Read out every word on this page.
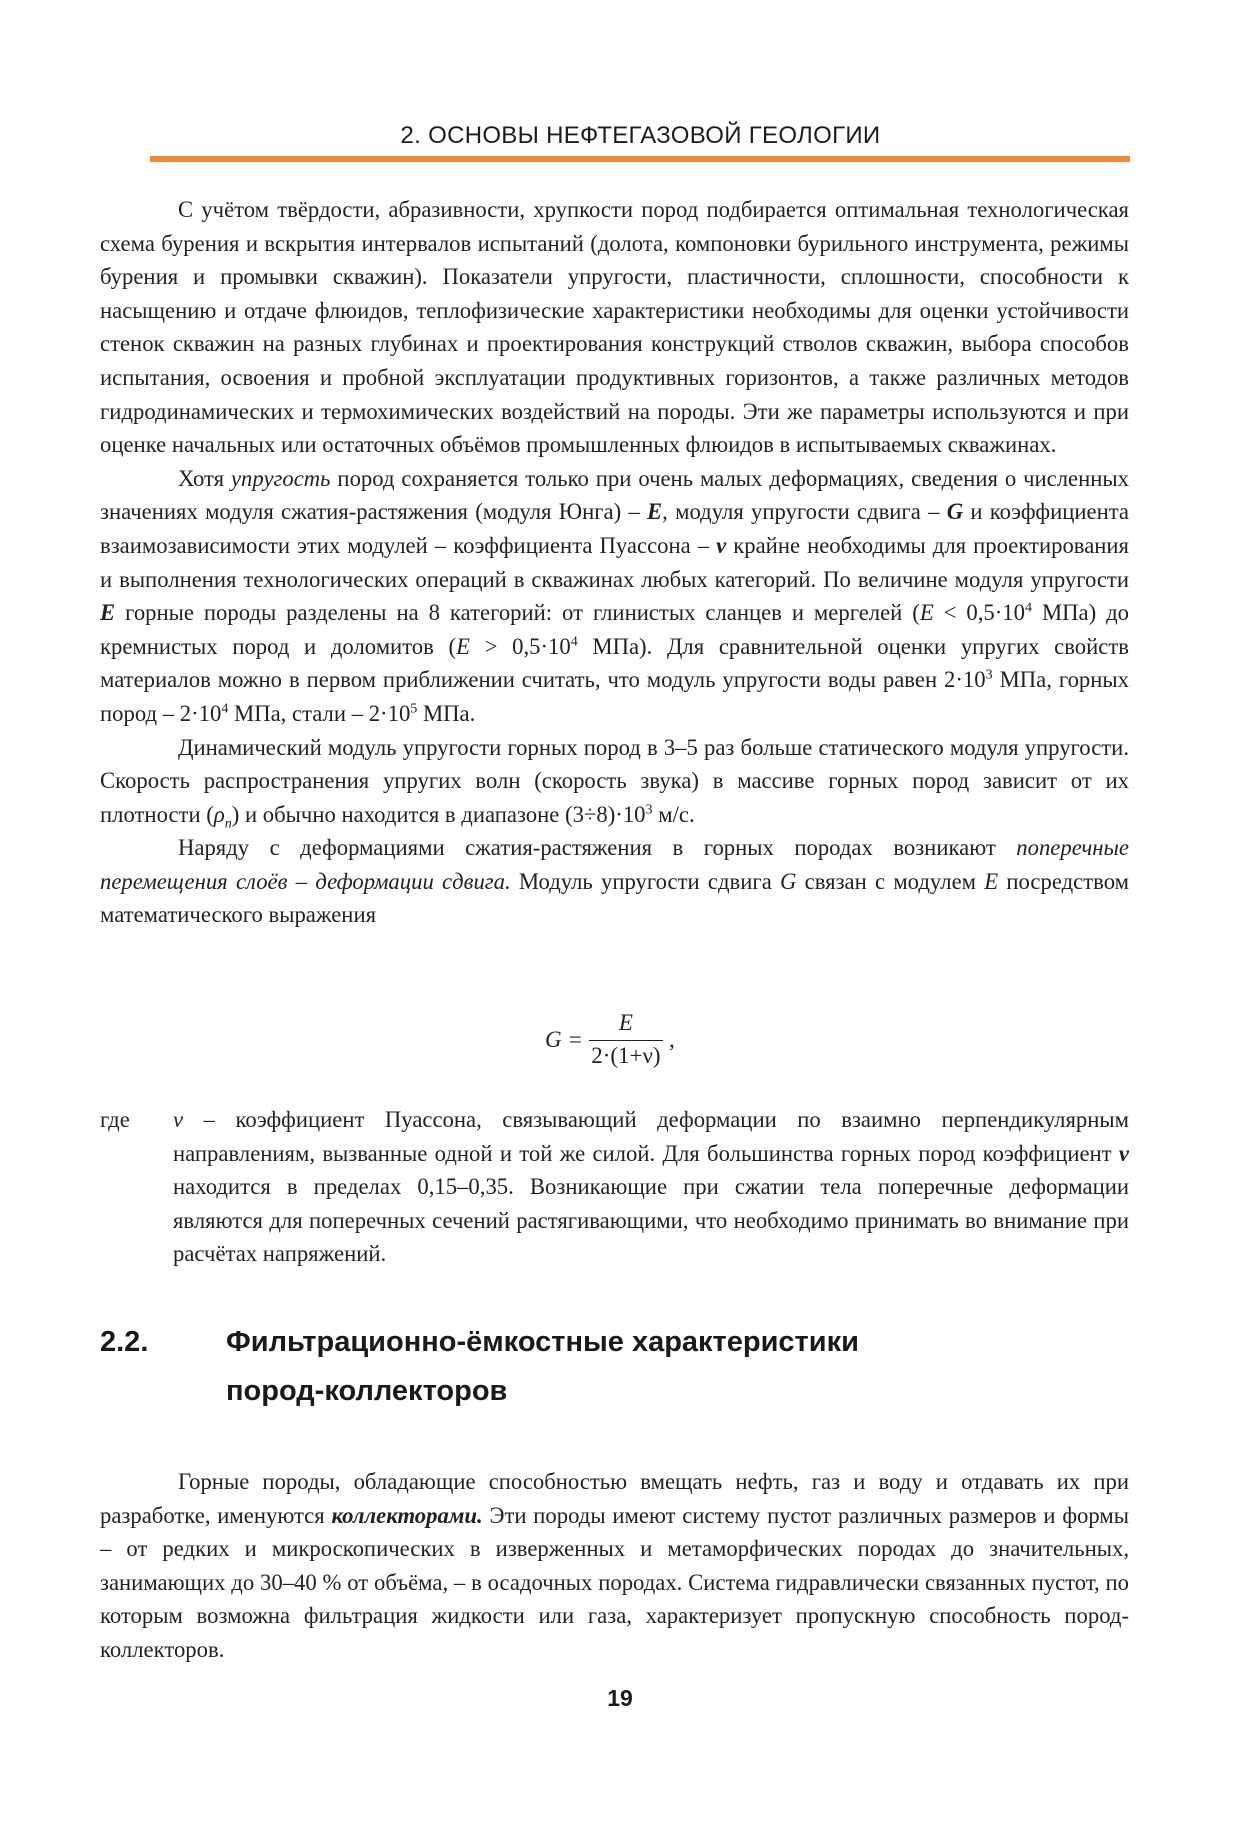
2. ОСНОВЫ НЕФТЕГАЗОВОЙ ГЕОЛОГИИ

С учётом твёрдости, абразивности, хрупкости пород подбирается оптимальная технологическая схема бурения и вскрытия интервалов испытаний (долота, компоновки бурильного инструмента, режимы бурения и промывки скважин). Показатели упругости, пластичности, сплошности, способности к насыщению и отдаче флюидов, теплофизические характеристики необходимы для оценки устойчивости стенок скважин на разных глубинах и проектирования конструкций стволов скважин, выбора способов испытания, освоения и пробной эксплуатации продуктивных горизонтов, а также различных методов гидродинамических и термохимических воздействий на породы. Эти же параметры используются и при оценке начальных или остаточных объёмов промышленных флюидов в испытываемых скважинах.

Хотя упругость пород сохраняется только при очень малых деформациях, сведения о численных значениях модуля сжатия-растяжения (модуля Юнга) – E, модуля упругости сдвига – G и коэффициента взаимозависимости этих модулей – коэффициента Пуассона – ν крайне необходимы для проектирования и выполнения технологических операций в скважинах любых категорий. По величине модуля упругости E горные породы разделены на 8 категорий: от глинистых сланцев и мергелей ($E < 0,5\cdot 10^4$ МПа) до кремнистых пород и доломитов ($E > 0,5\cdot 10^4$ МПа). Для сравнительной оценки упругих свойств материалов можно в первом приближении считать, что модуль упругости воды равен $2\cdot 10^3$ МПа, горных пород – $2\cdot 10^4$ МПа, стали – $2\cdot 10^5$ МПа.

Динамический модуль упругости горных пород в 3–5 раз больше статического модуля упругости. Скорость распространения упругих волн (скорость звука) в массиве горных пород зависит от их плотности $(\rho_п)$ и обычно находится в диапазоне $(3\div 8)\cdot 10^3$ м/с.

Наряду с деформациями сжатия-растяжения в горных породах возникают поперечные перемещения слоёв – деформации сдвига. Модуль упругости сдвига G связан с модулем E посредством математического выражения

$G = \frac{E}{2\cdot(1+\nu)}$ ,
где	ν – коэффициент Пуассона, связывающий деформации по взаимно перпендикулярным направлениям, вызванные одной и той же силой. Для большинства горных пород коэффициент ν находится в пределах 0,15–0,35. Возникающие при сжатии тела поперечные деформации являются для поперечных сечений растягивающими, что необходимо принимать во внимание при расчётах напряжений.
2.2.	Фильтрационно-ёмкостные характеристики
пород-коллекторов

Горные породы, обладающие способностью вмещать нефть, газ и воду и отдавать их при разработке, именуются коллекторами. Эти породы имеют систему пустот различных размеров и формы – от редких и микроскопических в изверженных и метаморфических породах до значительных, занимающих до 30–40 % от объёма, – в осадочных породах. Система гидравлически связанных пустот, по которым возможна фильтрация жидкости или газа, характеризует пропускную способность пород-коллекторов.

19
